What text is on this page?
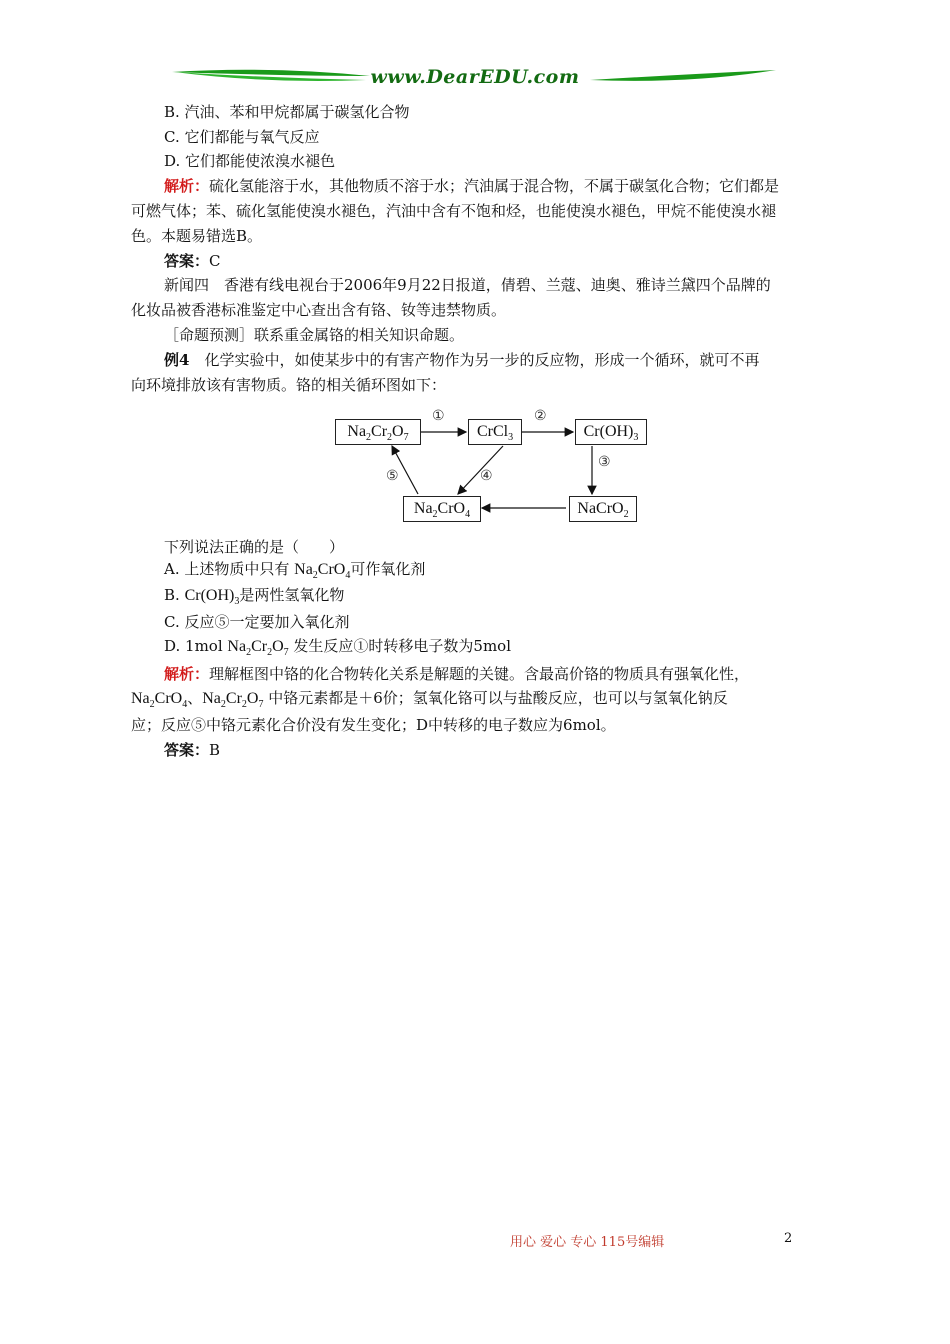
www.DearEDU.com
B. 汽油、苯和甲烷都属于碳氢化合物
C. 它们都能与氧气反应
D. 它们都能使浓溴水褪色
解析：硫化氢能溶于水，其他物质不溶于水；汽油属于混合物，不属于碳氢化合物；它们都是
可燃气体；苯、硫化氢能使溴水褪色，汽油中含有不饱和烃，也能使溴水褪色，甲烷不能使溴水褪
色。本题易错选B。
答案：C
新闻四　香港有线电视台于2006年9月22日报道，倩碧、兰蔻、迪奥、雅诗兰黛四个品牌的
化妆品被香港标准鉴定中心查出含有铬、钕等违禁物质。
［命题预测］联系重金属铬的相关知识命题。
例4　化学实验中，如使某步中的有害产物作为另一步的反应物，形成一个循环，就可不再
向环境排放该有害物质。铬的相关循环图如下：
$Na_2Cr_2O_7$	CrCl$_3$	$Cr(OH)_3$
$Na_2CrO_4$	NaCrO$_2$
①	②
③
④
⑤
下列说法正确的是（　　）
A. 上述物质中只有 $Na_2CrO_4$可作氧化剂
B. $Cr(OH)_3$是两性氢氧化物
C. 反应⑤一定要加入氧化剂
D. 1mol $Na_2Cr_2O_7$ 发生反应①时转移电子数为5mol
解析：理解框图中铬的化合物转化关系是解题的关键。含最高价铬的物质具有强氧化性，
$Na_2CrO_4$、$Na_2Cr_2O_7$ 中铬元素都是＋6价；氢氧化铬可以与盐酸反应，也可以与氢氧化钠反
应；反应⑤中铬元素化合价没有发生变化；D中转移的电子数应为6mol。
答案：B
用心 爱心 专心 115号编辑	2
